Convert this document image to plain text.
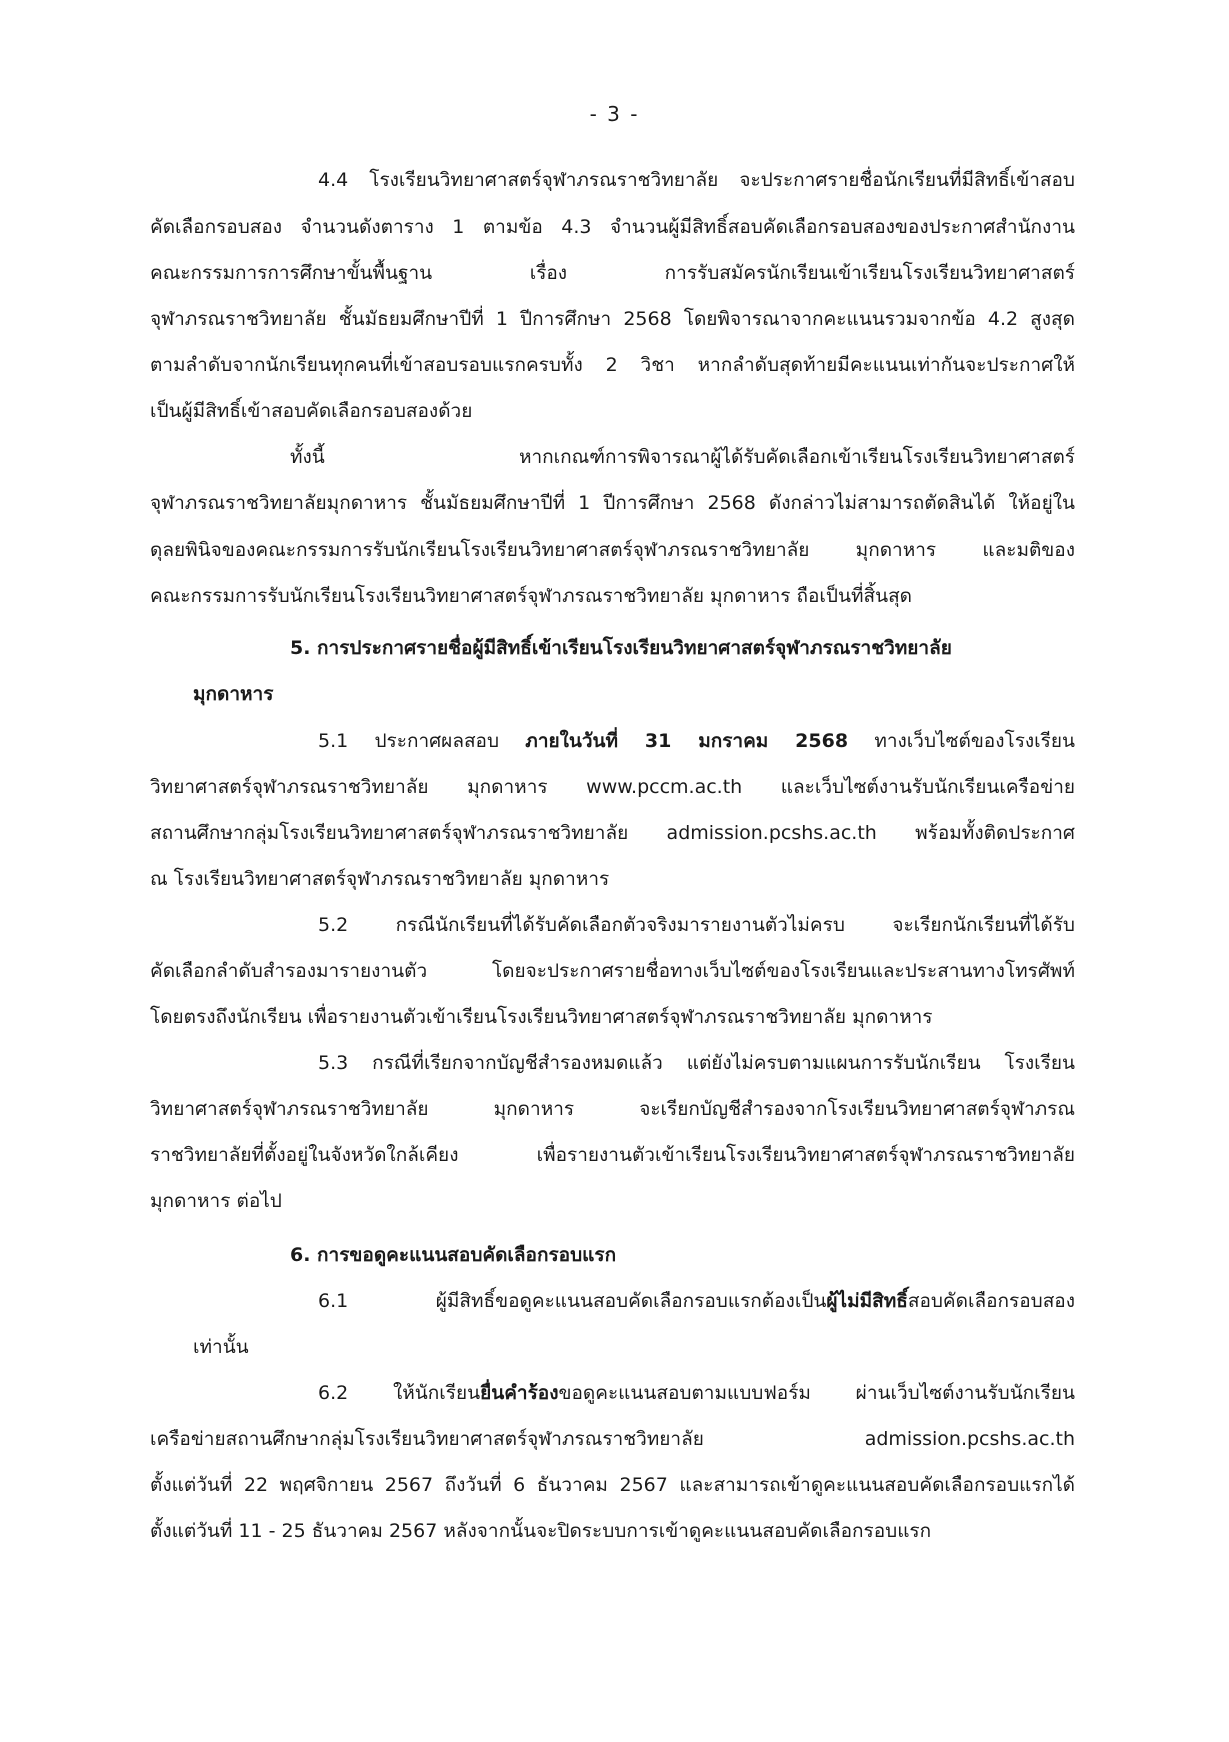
- 3 -
4.4 โรงเรียนวิทยาศาสตร์จุฬาภรณราชวิทยาลัย จะประกาศรายชื่อนักเรียนที่มีสิทธิ์เข้าสอบ
คัดเลือกรอบสอง จำนวนดังตาราง 1 ตามข้อ 4.3 จำนวนผู้มีสิทธิ์สอบคัดเลือกรอบสองของประกาศสำนักงาน
คณะกรรมการการศึกษาขั้นพื้นฐาน เรื่อง การรับสมัครนักเรียนเข้าเรียนโรงเรียนวิทยาศาสตร์
จุฬาภรณราชวิทยาลัย ชั้นมัธยมศึกษาปีที่ 1 ปีการศึกษา 2568 โดยพิจารณาจากคะแนนรวมจากข้อ 4.2 สูงสุด
ตามลำดับจากนักเรียนทุกคนที่เข้าสอบรอบแรกครบทั้ง 2 วิชา หากลำดับสุดท้ายมีคะแนนเท่ากันจะประกาศให้
เป็นผู้มีสิทธิ์เข้าสอบคัดเลือกรอบสองด้วย
ทั้งนี้ หากเกณฑ์การพิจารณาผู้ได้รับคัดเลือกเข้าเรียนโรงเรียนวิทยาศาสตร์
จุฬาภรณราชวิทยาลัยมุกดาหาร ชั้นมัธยมศึกษาปีที่ 1 ปีการศึกษา 2568 ดังกล่าวไม่สามารถตัดสินได้ ให้อยู่ใน
ดุลยพินิจของคณะกรรมการรับนักเรียนโรงเรียนวิทยาศาสตร์จุฬาภรณราชวิทยาลัย มุกดาหาร และมติของ
คณะกรรมการรับนักเรียนโรงเรียนวิทยาศาสตร์จุฬาภรณราชวิทยาลัย มุกดาหาร ถือเป็นที่สิ้นสุด
5. การประกาศรายชื่อผู้มีสิทธิ์เข้าเรียนโรงเรียนวิทยาศาสตร์จุฬาภรณราชวิทยาลัย
มุกดาหาร
5.1 ประกาศผลสอบ ภายในวันที่ 31 มกราคม 2568 ทางเว็บไซต์ของโรงเรียน
วิทยาศาสตร์จุฬาภรณราชวิทยาลัย มุกดาหาร www.pccm.ac.th และเว็บไซต์งานรับนักเรียนเครือข่าย
สถานศึกษากลุ่มโรงเรียนวิทยาศาสตร์จุฬาภรณราชวิทยาลัย admission.pcshs.ac.th พร้อมทั้งติดประกาศ
ณ โรงเรียนวิทยาศาสตร์จุฬาภรณราชวิทยาลัย มุกดาหาร
5.2 กรณีนักเรียนที่ได้รับคัดเลือกตัวจริงมารายงานตัวไม่ครบ จะเรียกนักเรียนที่ได้รับ
คัดเลือกลำดับสำรองมารายงานตัว โดยจะประกาศรายชื่อทางเว็บไซต์ของโรงเรียนและประสานทางโทรศัพท์
โดยตรงถึงนักเรียน เพื่อรายงานตัวเข้าเรียนโรงเรียนวิทยาศาสตร์จุฬาภรณราชวิทยาลัย มุกดาหาร
5.3 กรณีที่เรียกจากบัญชีสำรองหมดแล้ว แต่ยังไม่ครบตามแผนการรับนักเรียน โรงเรียน
วิทยาศาสตร์จุฬาภรณราชวิทยาลัย มุกดาหาร จะเรียกบัญชีสำรองจากโรงเรียนวิทยาศาสตร์จุฬาภรณ
ราชวิทยาลัยที่ตั้งอยู่ในจังหวัดใกล้เคียง เพื่อรายงานตัวเข้าเรียนโรงเรียนวิทยาศาสตร์จุฬาภรณราชวิทยาลัย
มุกดาหาร ต่อไป
6. การขอดูคะแนนสอบคัดเลือกรอบแรก
6.1 ผู้มีสิทธิ์ขอดูคะแนนสอบคัดเลือกรอบแรกต้องเป็นผู้ไม่มีสิทธิ์สอบคัดเลือกรอบสอง
เท่านั้น
6.2 ให้นักเรียนยื่นคำร้องขอดูคะแนนสอบตามแบบฟอร์ม ผ่านเว็บไซต์งานรับนักเรียน
เครือข่ายสถานศึกษากลุ่มโรงเรียนวิทยาศาสตร์จุฬาภรณราชวิทยาลัย admission.pcshs.ac.th
ตั้งแต่วันที่ 22 พฤศจิกายน 2567 ถึงวันที่ 6 ธันวาคม 2567 และสามารถเข้าดูคะแนนสอบคัดเลือกรอบแรกได้
ตั้งแต่วันที่ 11 - 25 ธันวาคม 2567 หลังจากนั้นจะปิดระบบการเข้าดูคะแนนสอบคัดเลือกรอบแรก
